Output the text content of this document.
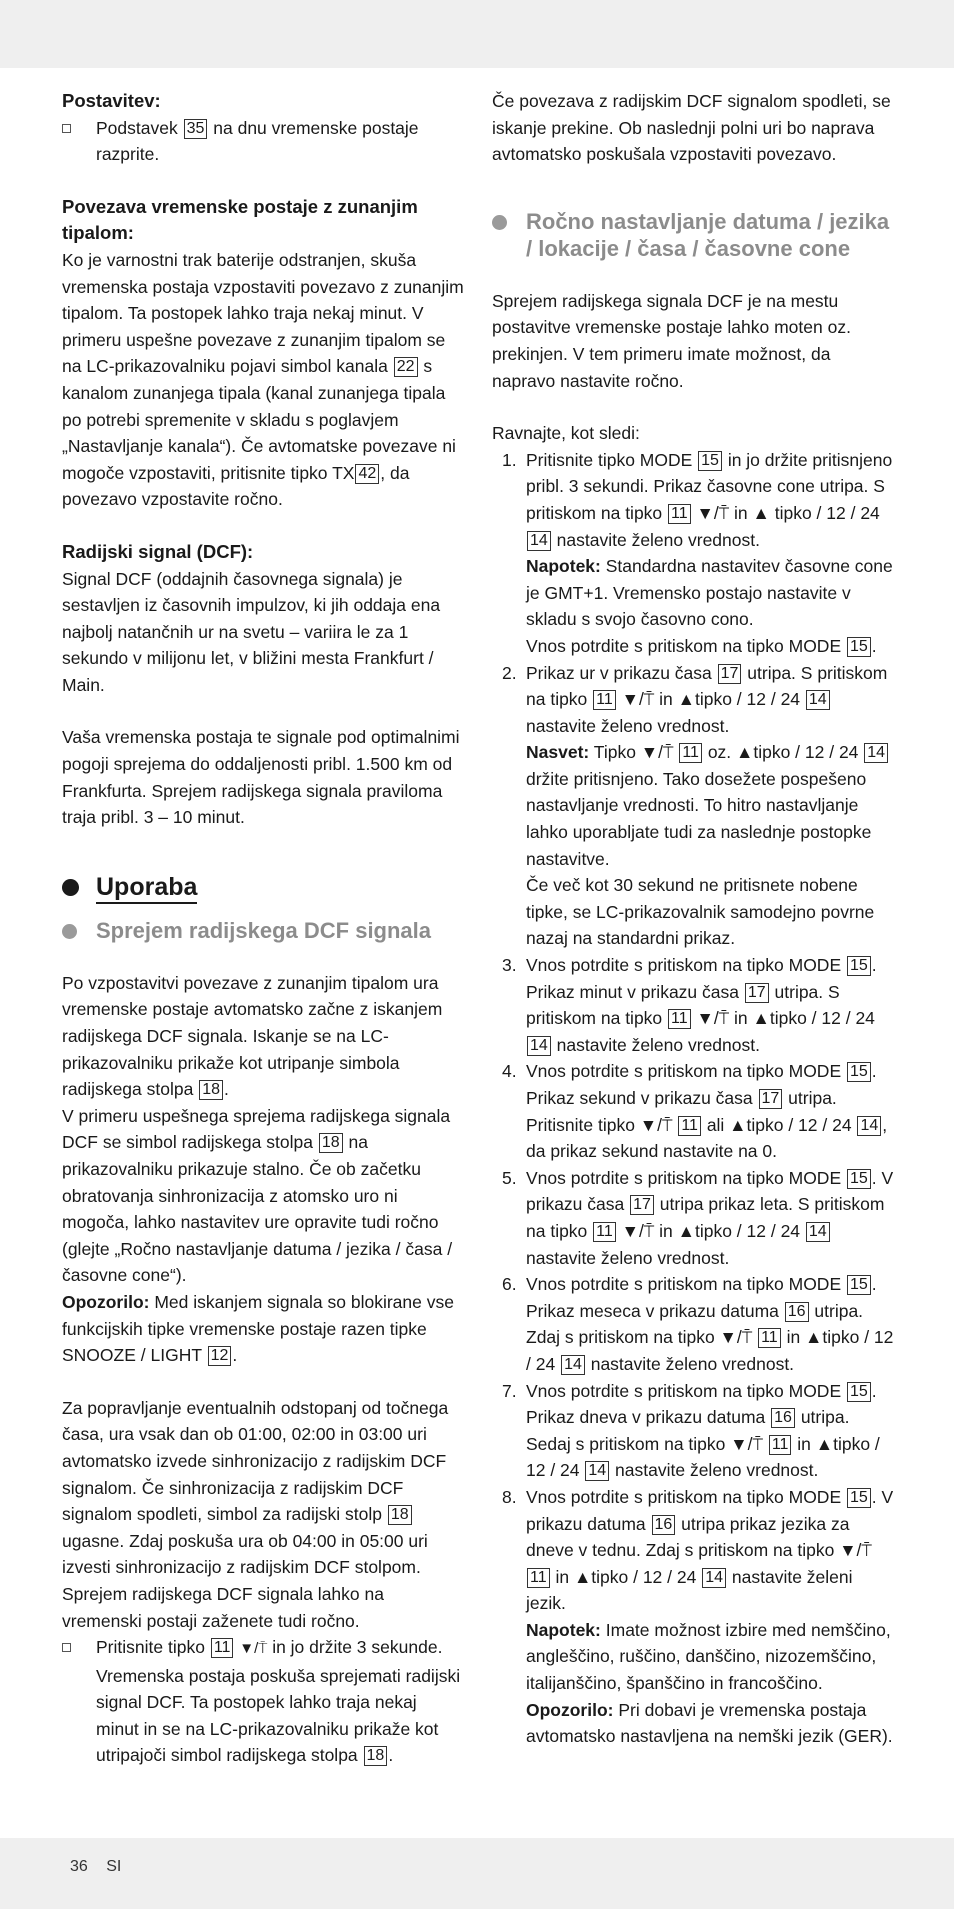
Postavitev:
Podstavek 35 na dnu vremenske postaje razprite.
Povezava vremenske postaje z zunanjim tipalom:

Ko je varnostni trak baterije odstranjen, skuša vremenska postaja vzpostaviti povezavo z zunanjim tipalom. Ta postopek lahko traja nekaj minut. V primeru uspešne povezave z zunanjim tipalom se na LC-prikazovalniku pojavi simbol kanala 22 s kanalom zunanjega tipala (kanal zunanjega tipala po potrebi spremenite v skladu s poglavjem „Nastavljanje kanala“). Če avtomatske povezave ni mogoče vzpostaviti, pritisnite tipko TX 42 , da povezavo vzpostavite ročno.

Radijski signal (DCF):

Signal DCF (oddajnih časovnega signala) je sestavljen iz časovnih impulzov, ki jih oddaja ena najbolj natančnih ur na svetu – variira le za 1 sekundo v milijonu let, v bližini mesta Frankfurt / Main.

Vaša vremenska postaja te signale pod optimalnimi pogoji sprejema do oddaljenosti pribl. 1.500 km od Frankfurta. Sprejem radijskega signala praviloma traja pribl. 3 – 10 minut.

Uporaba
Sprejem radijskega DCF signala

Po vzpostavitvi povezave z zunanjim tipalom ura vremenske postaje avtomatsko začne z iskanjem radijskega DCF signala. Iskanje se na LC-prikazovalniku prikaže kot utripanje simbola radijskega stolpa 18 .

V primeru uspešnega sprejema radijskega signala DCF se simbol radijskega stolpa 18 na prikazovalniku prikazuje stalno. Če ob začetku obratovanja sinhronizacija z atomsko uro ni mogoča, lahko nastavitev ure opravite tudi ročno (glejte „Ročno nastavljanje datuma / jezika / časa / časovne cone“).

Opozorilo: Med iskanjem signala so blokirane vse funkcijskih tipke vremenske postaje razen tipke SNOOZE / LIGHT 12 .

Za popravljanje eventualnih odstopanj od točnega časa, ura vsak dan ob 01:00, 02:00 in 03:00 uri avtomatsko izvede sinhronizacijo z radijskim DCF signalom. Če sinhronizacija z radijskim DCF signalom spodleti, simbol za radijski stolp 18 ugasne. Zdaj poskuša ura ob 04:00 in 05:00 uri izvesti sinhronizacijo z radijskim DCF stolpom. Sprejem radijskega DCF signala lahko na vremenski postaji zaženete tudi ročno.

Pritisnite tipko 11 ▼/⍑ in jo držite 3 sekunde. Vremenska postaja poskuša sprejemati radijski signal DCF. Ta postopek lahko traja nekaj minut in se na LC-prikazovalniku prikaže kot utripajoči simbol radijskega stolpa 18 .

Če povezava z radijskim DCF signalom spodleti, se iskanje prekine. Ob naslednji polni uri bo naprava avtomatsko poskušala vzpostaviti povezavo.

Ročno nastavljanje datuma / jezika / lokacije / časa / časovne cone

Sprejem radijskega signala DCF je na mestu postavitve vremenske postaje lahko moten oz. prekinjen. V tem primeru imate možnost, da napravo nastavite ročno.

Ravnajte, kot sledi:

1. Pritisnite tipko MODE 15 in jo držite pritisnjeno pribl. 3 sekundi. Prikaz časovne cone utripa. S pritiskom na tipko 11 ▼/⍑ in ▲ tipko / 12 / 24 14 nastavite želeno vrednost.
Napotek: Standardna nastavitev časovne cone je GMT+1. Vremensko postajo nastavite v skladu s svojo časovno cono.
Vnos potrdite s pritiskom na tipko MODE 15 .
2. Prikaz ur v prikazu časa 17 utripa. S pritiskom na tipko 11 ▼/⍑ in ▲tipko / 12 / 24 14 nastavite želeno vrednost.
Nasvet: Tipko ▼/⍑ 11 oz. ▲tipko / 12 / 24 14 držite pritisnjeno. Tako dosežete pospešeno nastavljanje vrednosti. To hitro nastavljanje lahko uporabljate tudi za naslednje postopke nastavitve.
Če več kot 30 sekund ne pritisnete nobene tipke, se LC-prikazovalnik samodejno povrne nazaj na standardni prikaz.
3. Vnos potrdite s pritiskom na tipko MODE 15 . Prikaz minut v prikazu časa 17 utripa. S pritiskom na tipko 11 ▼/⍑ in ▲tipko / 12 / 24 14 nastavite želeno vrednost.
4. Vnos potrdite s pritiskom na tipko MODE 15 . Prikaz sekund v prikazu časa 17 utripa. Pritisnite tipko ▼/⍑ 11 ali ▲tipko / 12 / 24 14 , da prikaz sekund nastavite na 0.
5. Vnos potrdite s pritiskom na tipko MODE 15 . V prikazu časa 17 utripa prikaz leta. S pritiskom na tipko 11 ▼/⍑ in ▲tipko / 12 / 24 14 nastavite želeno vrednost.
6. Vnos potrdite s pritiskom na tipko MODE 15 . Prikaz meseca v prikazu datuma 16 utripa. Zdaj s pritiskom na tipko ▼/⍑ 11 in ▲tipko / 12 / 24 14 nastavite želeno vrednost.
7. Vnos potrdite s pritiskom na tipko MODE 15 . Prikaz dneva v prikazu datuma 16 utripa. Sedaj s pritiskom na tipko ▼/⍑ 11 in ▲tipko / 12 / 24 14 nastavite želeno vrednost.
8. Vnos potrdite s pritiskom na tipko MODE 15 . V prikazu datuma 16 utripa prikaz jezika za dneve v tednu. Zdaj s pritiskom na tipko ▼/⍑ 11 in ▲tipko / 12 / 24 14 nastavite želeni jezik.
Napotek: Imate možnost izbire med nemščino, angleščino, ruščino, danščino, nizozemščino, italijanščino, španščino in francoščino.
Opozorilo: Pri dobavi je vremenska postaja avtomatsko nastavljena na nemški jezik (GER).
36 SI
